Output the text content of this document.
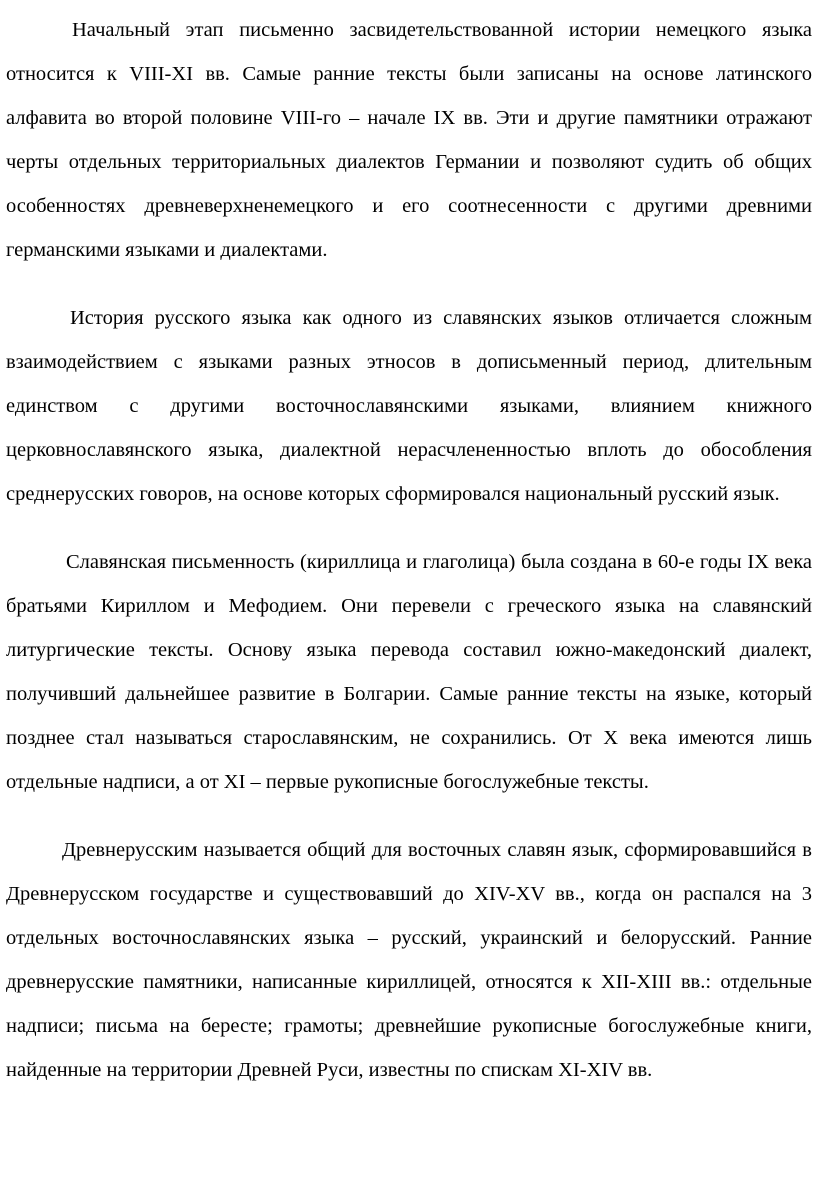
Начальный этап письменно засвидетельствованной истории немецкого языка относится к VIII-XI вв. Самые ранние тексты были записаны на основе латинского алфавита во второй половине VIII-го – начале IX вв. Эти и другие памятники отражают черты отдельных территориальных диалектов Германии и позволяют судить об общих особенностях древневерхненемецкого и его соотнесенности с другими древними германскими языками и диалектами.

История русского языка как одного из славянских языков отличается сложным взаимодействием с языками разных этносов в дописьменный период, длительным единством с другими восточнославянскими языками, влиянием книжного церковнославянского языка, диалектной нерасчлененностью вплоть до обособления среднерусских говоров, на основе которых сформировался национальный русский язык.

Славянская письменность (кириллица и глаголица) была создана в 60-е годы IX века братьями Кириллом и Мефодием. Они перевели с греческого языка на славянский литургические тексты. Основу языка перевода составил южно-македонский диалект, получивший дальнейшее развитие в Болгарии. Самые ранние тексты на языке, который позднее стал называться старославянским, не сохранились. От X века имеются лишь отдельные надписи, а от XI – первые рукописные богослужебные тексты.

Древнерусским называется общий для восточных славян язык, сформировавшийся в Древнерусском государстве и существовавший до XIV-XV вв., когда он распался на 3 отдельных восточнославянских языка – русский, украинский и белорусский. Ранние древнерусские памятники, написанные кириллицей, относятся к XII-XIII вв.: отдельные надписи; письма на бересте; грамоты; древнейшие рукописные богослужебные книги, найденные на территории Древней Руси, известны по спискам XI-XIV вв.
